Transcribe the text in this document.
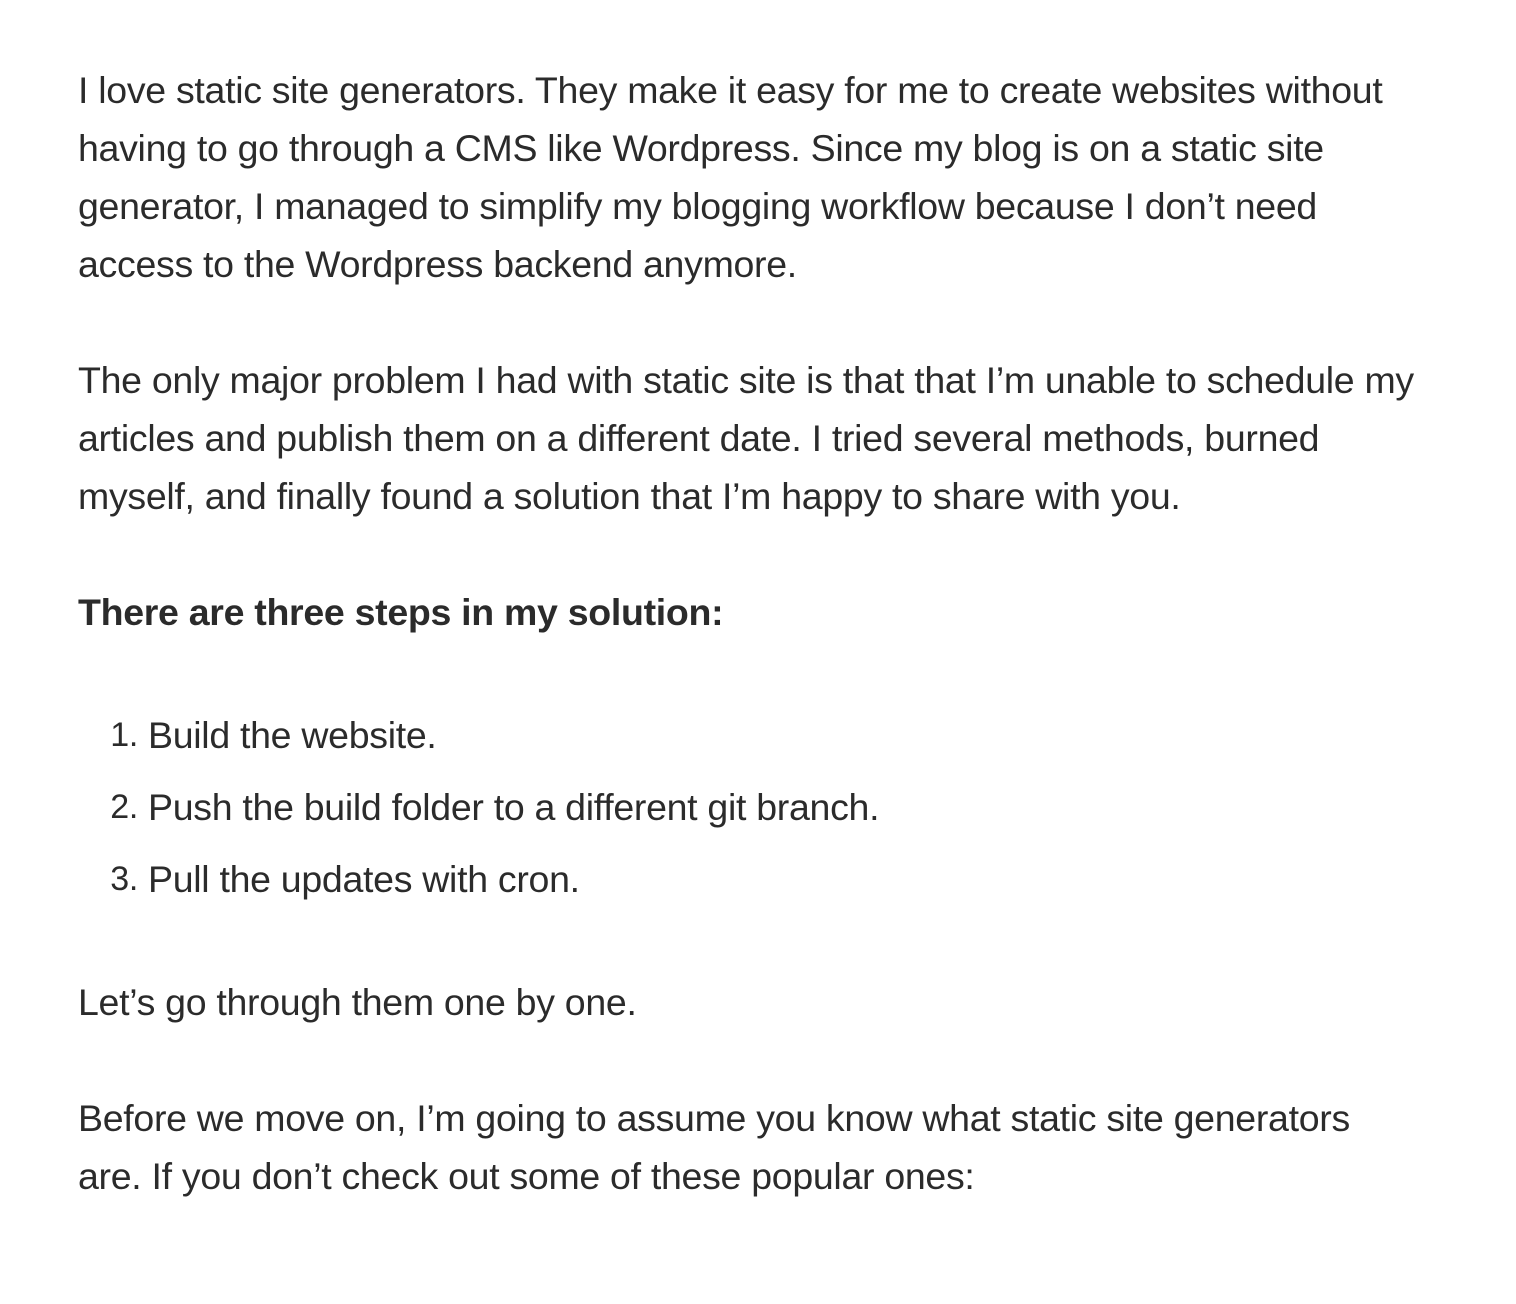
I love static site generators. They make it easy for me to create websites without having to go through a CMS like Wordpress. Since my blog is on a static site generator, I managed to simplify my blogging workflow because I don’t need access to the Wordpress backend anymore.

The only major problem I had with static site is that that I’m unable to schedule my articles and publish them on a different date. I tried several methods, burned myself, and finally found a solution that I’m happy to share with you.

There are three steps in my solution:

1. Build the website.
2. Push the build folder to a different git branch.
3. Pull the updates with cron.

Let’s go through them one by one.

Before we move on, I’m going to assume you know what static site generators are. If you don’t check out some of these popular ones:
